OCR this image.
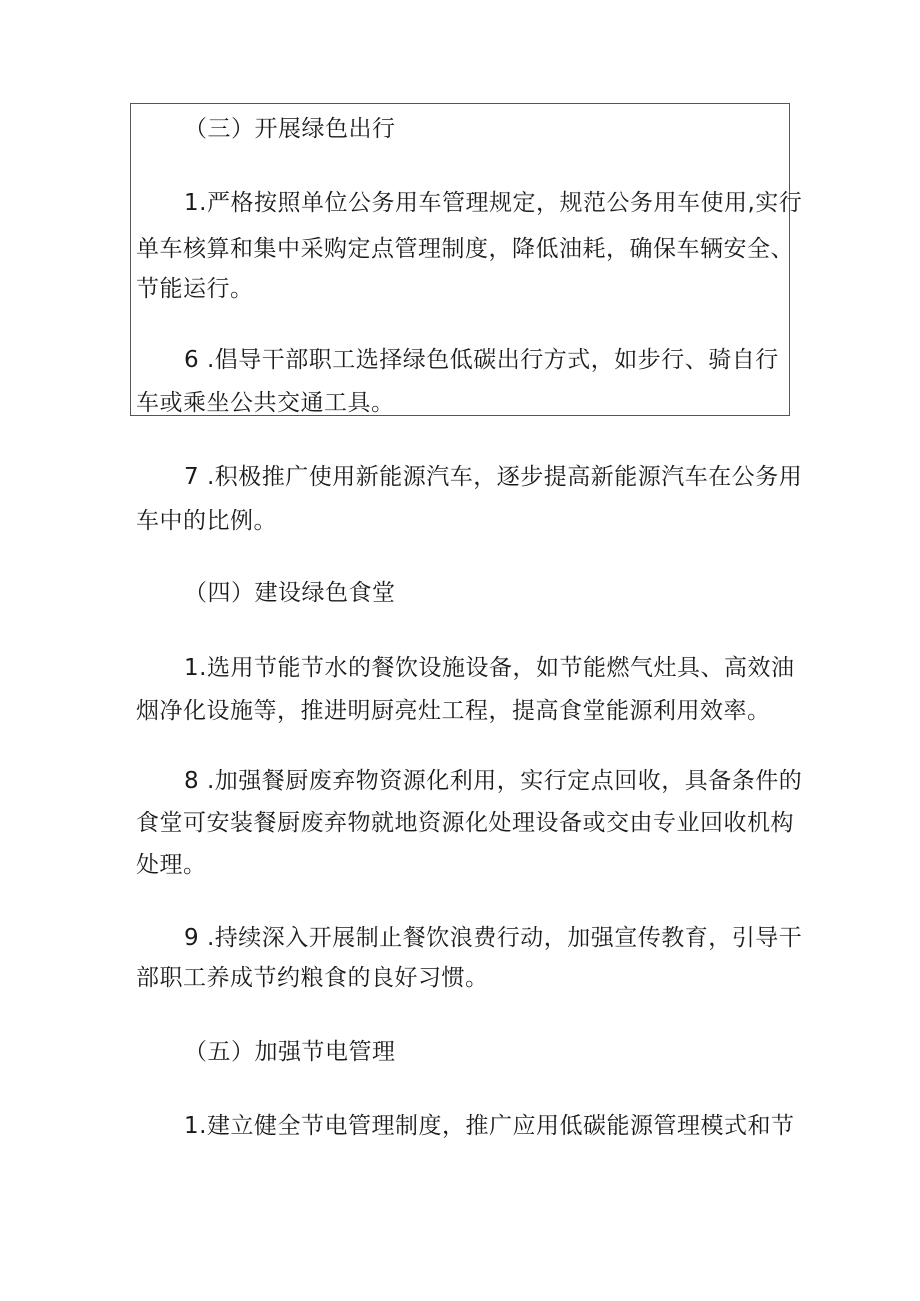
（三）开展绿色出行
1.严格按照单位公务用车管理规定，规范公务用车使用,实行
单车核算和集中采购定点管理制度，降低油耗，确保车辆安全、
节能运行。
6 .倡导干部职工选择绿色低碳出行方式，如步行、骑自行
车或乘坐公共交通工具。
7 .积极推广使用新能源汽车，逐步提高新能源汽车在公务用
车中的比例。
（四）建设绿色食堂
1.选用节能节水的餐饮设施设备，如节能燃气灶具、高效油
烟净化设施等，推进明厨亮灶工程，提高食堂能源利用效率。
8 .加强餐厨废弃物资源化利用，实行定点回收，具备条件的
食堂可安装餐厨废弃物就地资源化处理设备或交由专业回收机构
处理。
9 .持续深入开展制止餐饮浪费行动，加强宣传教育，引导干
部职工养成节约粮食的良好习惯。
（五）加强节电管理
1.建立健全节电管理制度，推广应用低碳能源管理模式和节
